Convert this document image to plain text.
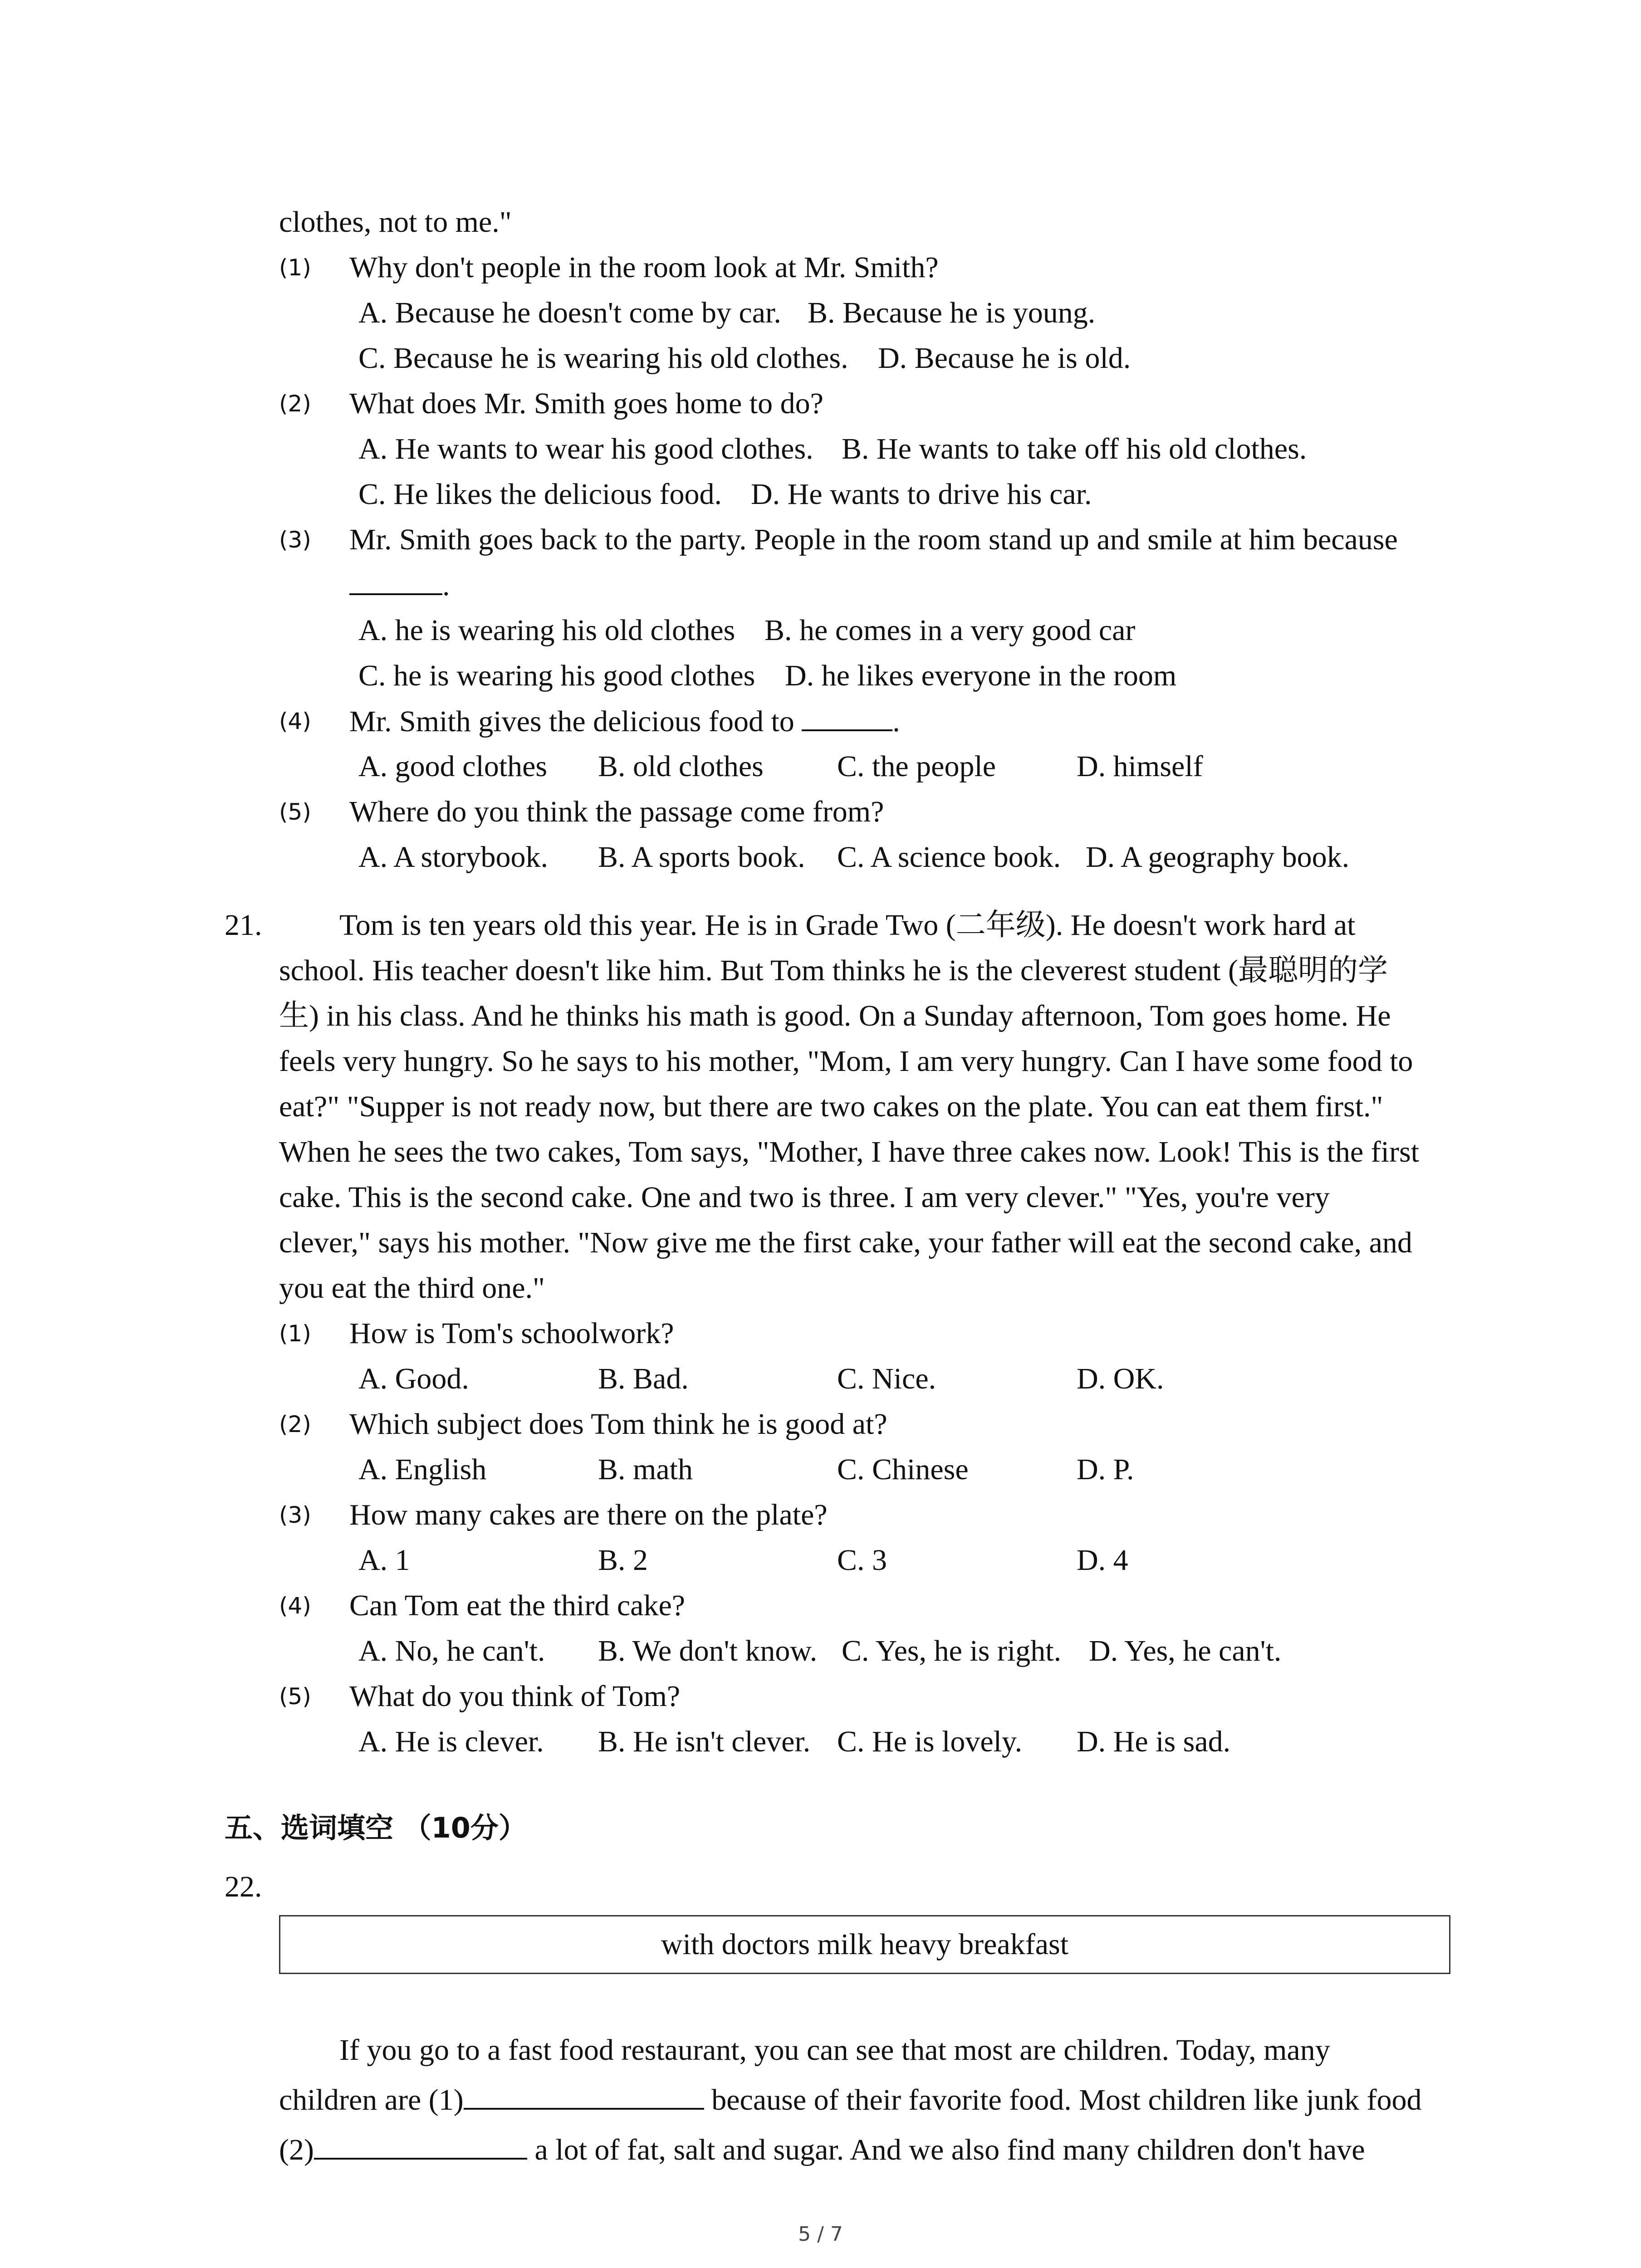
clothes, not to me."
(1) Why don't people in the room look at Mr. Smith?
A. Because he doesn't come by car. B. Because he is young.
C. Because he is wearing his old clothes. D. Because he is old.
(2) What does Mr. Smith goes home to do?
A. He wants to wear his good clothes. B. He wants to take off his old clothes.
C. He likes the delicious food. D. He wants to drive his car.
(3) Mr. Smith goes back to the party. People in the room stand up and smile at him because
.
A. he is wearing his old clothes B. he comes in a very good car
C. he is wearing his good clothes D. he likes everyone in the room
(4) Mr. Smith gives the delicious food to	.
A. good clothes B. old clothes C. the people	D. himself
(5) Where do you think the passage come from?
A. A storybook. B. A sports book. C. A science book. D. A geography book.
21.	Tom is ten years old this year. He is in Grade Two (二年级). He doesn't work hard at
school. His teacher doesn't like him. But Tom thinks he is the cleverest student (最聪明的学
生) in his class. And he thinks his math is good. On a Sunday afternoon, Tom goes home. He
feels very hungry. So he says to his mother, "Mom, I am very hungry. Can I have some food to
eat?" "Supper is not ready now, but there are two cakes on the plate. You can eat them first."
When he sees the two cakes, Tom says, "Mother, I have three cakes now. Look! This is the first
cake. This is the second cake. One and two is three. I am very clever." "Yes, you're very
clever," says his mother. "Now give me the first cake, your father will eat the second cake, and
you eat the third one."
(1) How is Tom's schoolwork?
A. Good.	B. Bad.	C. Nice.	D. OK.
(2) Which subject does Tom think he is good at?
A. English	B. math	C. Chinese	D. P.
(3) How many cakes are there on the plate?
A. 1	B. 2	C. 3	D. 4
(4) Can Tom eat the third cake?
A. No, he can't. B. We don't know. C. Yes, he is right. D. Yes, he can't.
(5) What do you think of Tom?
A. He is clever. B. He isn't clever. C. He is lovely. D. He is sad.
五、选词填空 （10分）
22.
with doctors milk heavy breakfast
If you go to a fast food restaurant, you can see that most are children. Today, many
children are (1)	because of their favorite food. Most children like junk food
(2)	a lot of fat, salt and sugar. And we also find many children don't have
5 / 7
